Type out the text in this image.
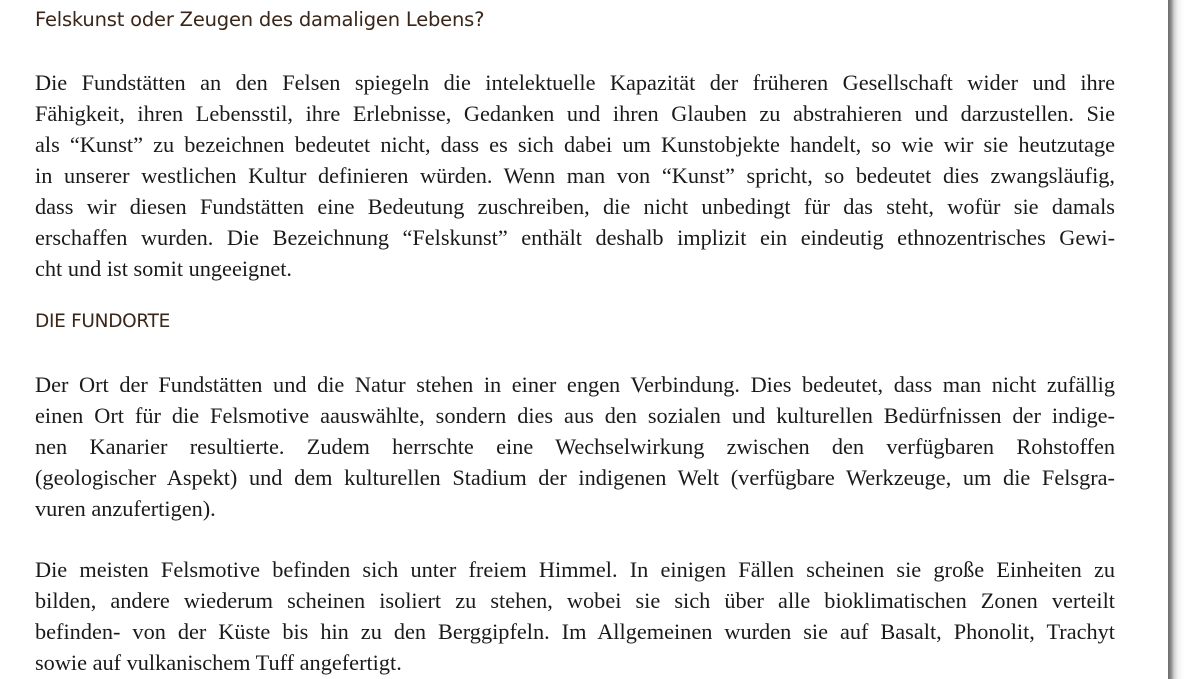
Felskunst oder Zeugen des damaligen Lebens?
Die Fundstätten an den Felsen spiegeln die intelektuelle Kapazität der früheren Gesellschaft wider und ihre
Fähigkeit, ihren Lebensstil, ihre Erlebnisse, Gedanken und ihren Glauben zu abstrahieren und darzustellen. Sie
als “Kunst” zu bezeichnen bedeutet nicht, dass es sich dabei um Kunstobjekte handelt, so wie wir sie heutzutage
in unserer westlichen Kultur definieren würden. Wenn man von “Kunst” spricht, so bedeutet dies zwangsläufig,
dass wir diesen Fundstätten eine Bedeutung zuschreiben, die nicht unbedingt für das steht, wofür sie damals
erschaffen wurden. Die Bezeichnung “Felskunst” enthält deshalb implizit ein eindeutig ethnozentrisches Gewi-
cht und ist somit ungeeignet.
DIE FUNDORTE
Der Ort der Fundstätten und die Natur stehen in einer engen Verbindung. Dies bedeutet, dass man nicht zufällig
einen Ort für die Felsmotive aauswählte, sondern dies aus den sozialen und kulturellen Bedürfnissen der indige-
nen Kanarier resultierte. Zudem herrschte eine Wechselwirkung zwischen den verfügbaren Rohstoffen
(geologischer Aspekt) und dem kulturellen Stadium der indigenen Welt (verfügbare Werkzeuge, um die Felsgra-
vuren anzufertigen).
Die meisten Felsmotive befinden sich unter freiem Himmel. In einigen Fällen scheinen sie große Einheiten zu
bilden, andere wiederum scheinen isoliert zu stehen, wobei sie sich über alle bioklimatischen Zonen verteilt
befinden- von der Küste bis hin zu den Berggipfeln. Im Allgemeinen wurden sie auf Basalt, Phonolit, Trachyt
sowie auf vulkanischem Tuff angefertigt.
